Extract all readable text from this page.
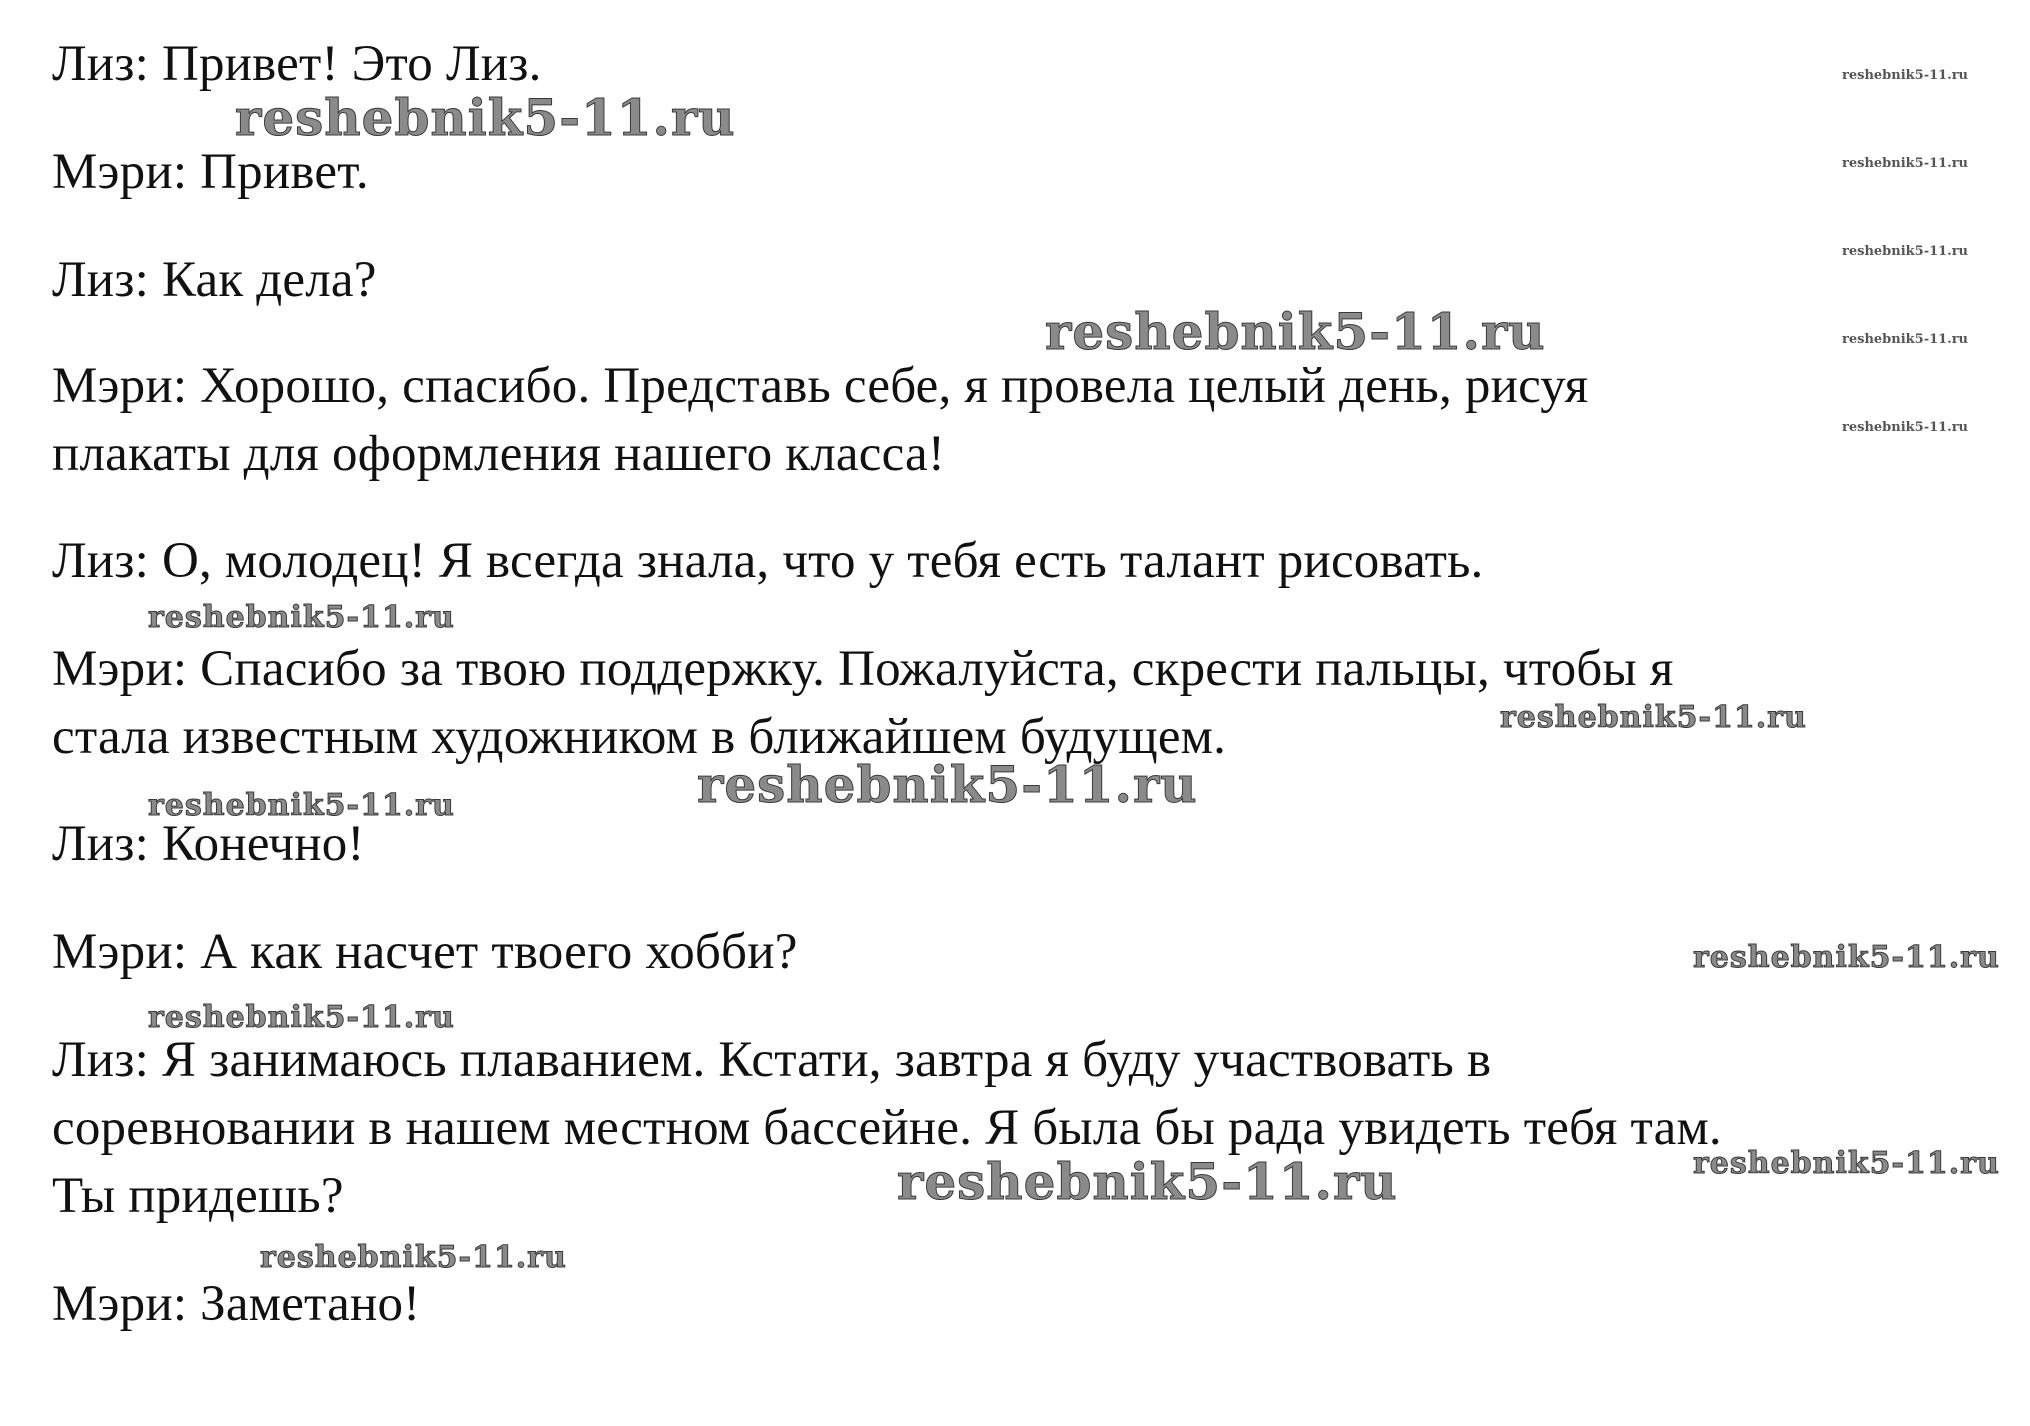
Лиз: Привет! Это Лиз.

Мэри: Привет.

Лиз: Как дела?

Мэри: Хорошо, спасибо. Представь себе, я провела целый день, рисуя

плакаты для оформления нашего класса!

Лиз: О, молодец! Я всегда знала, что у тебя есть талант рисовать.

Мэри: Спасибо за твою поддержку. Пожалуйста, скрести пальцы, чтобы я

стала известным художником в ближайшем будущем.

Лиз: Конечно!

Мэри: А как насчет твоего хобби?

Лиз: Я занимаюсь плаванием. Кстати, завтра я буду участвовать в

соревновании в нашем местном бассейне. Я была бы рада увидеть тебя там.

Ты придешь?

Мэри: Заметано!

reshebnik5-11.ru
reshebnik5-11.ru
reshebnik5-11.ru
reshebnik5-11.ru
reshebnik5-11.ru
reshebnik5-11.ru
reshebnik5-11.ru
reshebnik5-11.ru
reshebnik5-11.ru
reshebnik5-11.ru
reshebnik5-11.ru
reshebnik5-11.ru
reshebnik5-11.ru
reshebnik5-11.ru
reshebnik5-11.ru
reshebnik5-11.ru
